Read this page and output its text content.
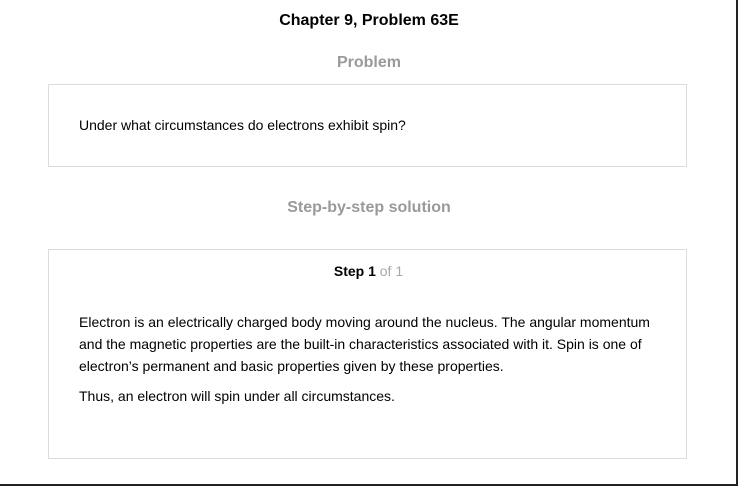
Chapter 9, Problem 63E
Problem
Under what circumstances do electrons exhibit spin?
Step-by-step solution
Step 1 of 1

Electron is an electrically charged body moving around the nucleus. The angular momentum and the magnetic properties are the built-in characteristics associated with it. Spin is one of electron’s permanent and basic properties given by these properties.

Thus, an electron will spin under all circumstances.
